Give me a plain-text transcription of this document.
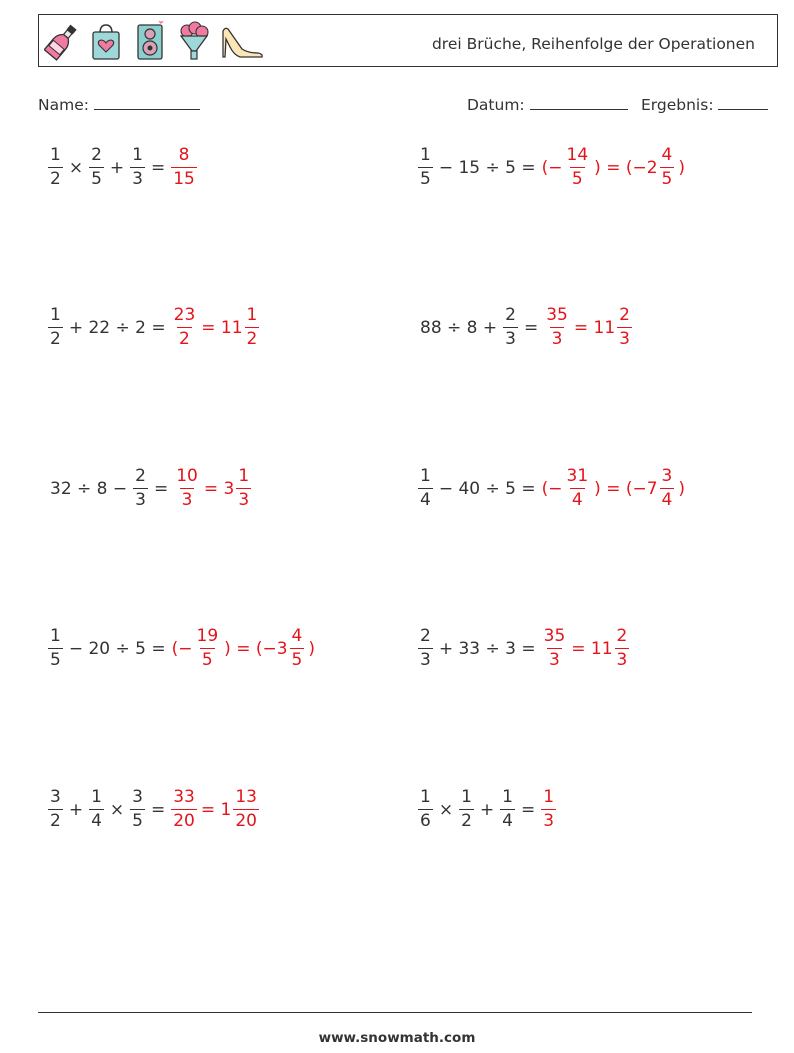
drei Brüche, Reihenfolge der Operationen
Name:	Datum:	Ergebnis:
$\frac{1}{2} \times \frac{2}{5} + \frac{1}{3} = \frac{8}{15}$	$\frac{1}{5} - 15 \div 5$ = (− $\frac{14}{5}$ ) = ($-2 \frac{4}{5}$ )
$\frac{1}{2} + 22 \div 2 = \frac{23}{2} = 11 \frac{1}{2}$	$88 \div 8 + \frac{2}{3} = \frac{35}{3} = 11 \frac{2}{3}$
$32 \div 8 - \frac{2}{3} = \frac{10}{3} = 3 \frac{1}{3}$	$\frac{1}{4} - 40 \div 5$ = (− $\frac{31}{4}$ ) = ($-7 \frac{3}{4}$ )
$\frac{1}{5} - 20 \div 5$ = (− $\frac{19}{5}$ ) = ($-3 \frac{4}{5}$ )	$\frac{2}{3} + 33 \div 3 = \frac{35}{3} = 11 \frac{2}{3}$
$\frac{3}{2} + \frac{1}{4} \times \frac{3}{5} = \frac{33}{20} = 1 \frac{13}{20}$	$\frac{1}{6} \times \frac{1}{2} + \frac{1}{4} = \frac{1}{3}$
www.snowmath.com
